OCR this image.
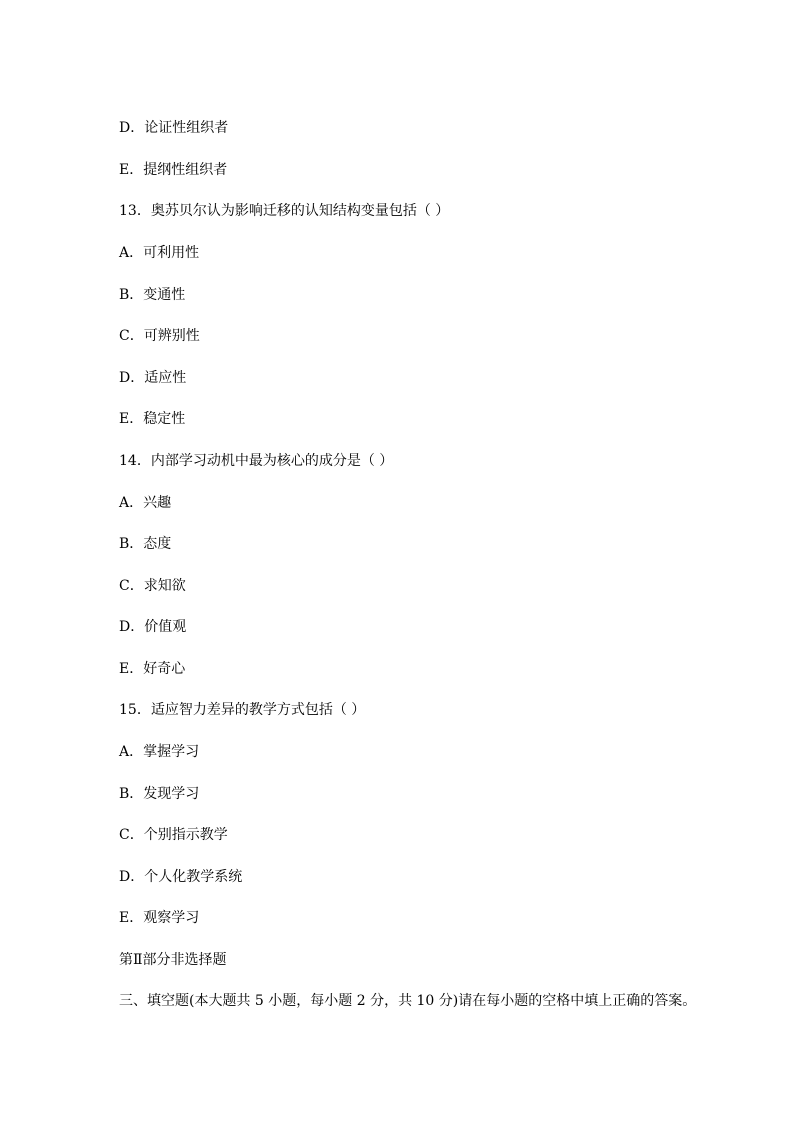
D．论证性组织者
E．提纲性组织者
13．奥苏贝尔认为影响迁移的认知结构变量包括（ ）
A．可利用性
B．变通性
C．可辨别性
D．适应性
E．稳定性
14．内部学习动机中最为核心的成分是（ ）
A．兴趣
B．态度
C．求知欲
D．价值观
E．好奇心
15．适应智力差异的教学方式包括（ ）
A．掌握学习
B．发现学习
C．个别指示教学
D．个人化教学系统
E．观察学习
第Ⅱ部分非选择题
三、填空题(本大题共 5 小题，每小题 2 分，共 10 分)请在每小题的空格中填上正确的答案。
